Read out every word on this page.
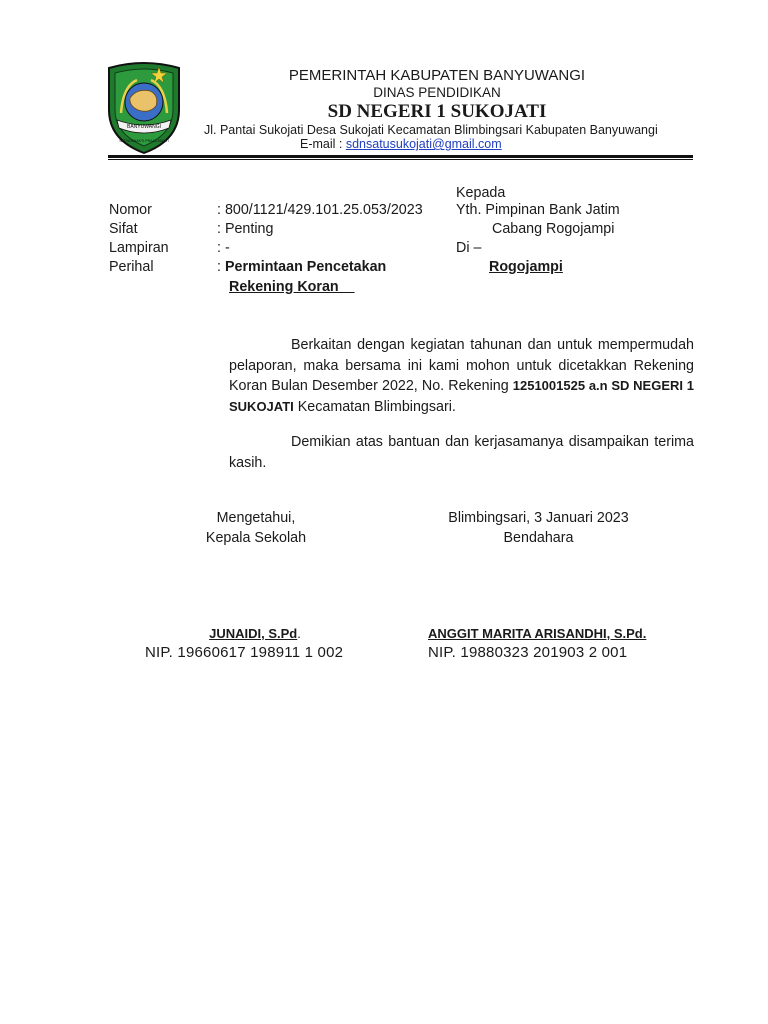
BANYUWANGI
SATYA BHAKTI PRAJA MUKTI
PEMERINTAH KABUPATEN BANYUWANGI
DINAS PENDIDIKAN
SD NEGERI 1 SUKOJATI
Jl. Pantai Sukojati Desa Sukojati Kecamatan Blimbingsari Kabupaten Banyuwangi
E-mail : sdnsatusukojati@gmail.com
Nomor	: 800/1121/429.101.25.053/2023
Sifat	: Penting
Lampiran	: -
Perihal	: Permintaan Pencetakan
Rekening Koran
Kepada
Yth. Pimpinan Bank Jatim
Cabang Rogojampi
Di –
Rogojampi
Berkaitan dengan kegiatan tahunan dan untuk mempermudah pelaporan, maka bersama ini kami mohon untuk dicetakkan Rekening Koran Bulan Desember 2022, No. Rekening 1251001525 a.n SD NEGERI 1 SUKOJATI Kecamatan Blimbingsari.
Demikian atas bantuan dan kerjasamanya disampaikan terima kasih.
Mengetahui,
Kepala Sekolah
Blimbingsari, 3 Januari 2023
Bendahara
JUNAIDI, S.Pd.	ANGGIT MARITA ARISANDHI, S.Pd.
NIP. 19660617 198911 1 002	NIP. 19880323 201903 2 001
